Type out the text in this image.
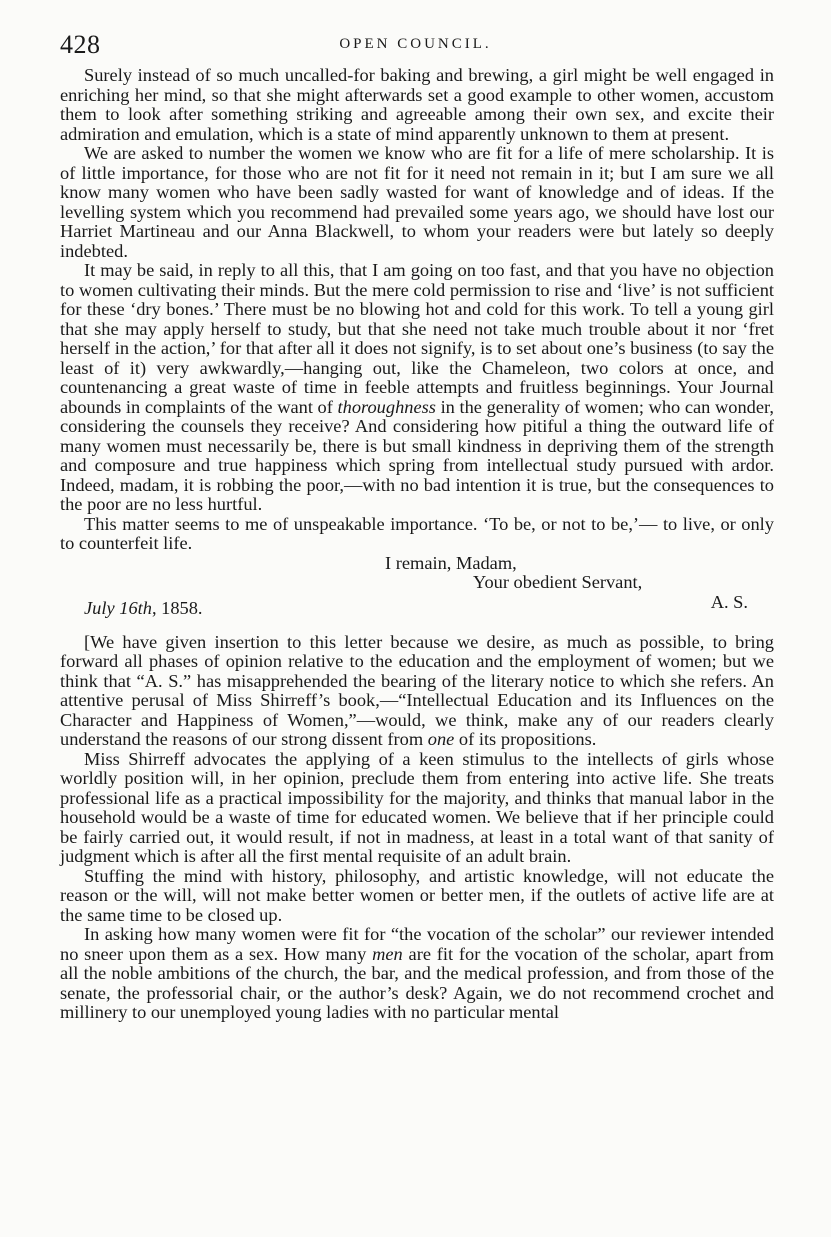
428	OPEN COUNCIL.

Surely instead of so much uncalled-for baking and brewing, a girl might be well engaged in enriching her mind, so that she might afterwards set a good example to other women, accustom them to look after something striking and agreeable among their own sex, and excite their admiration and emulation, which is a state of mind apparently unknown to them at present.

We are asked to number the women we know who are fit for a life of mere scholarship. It is of little importance, for those who are not fit for it need not remain in it; but I am sure we all know many women who have been sadly wasted for want of knowledge and of ideas. If the levelling system which you recommend had prevailed some years ago, we should have lost our Harriet Martineau and our Anna Blackwell, to whom your readers were but lately so deeply indebted.

It may be said, in reply to all this, that I am going on too fast, and that you have no objection to women cultivating their minds. But the mere cold permission to rise and ‘live’ is not sufficient for these ‘dry bones.’ There must be no blowing hot and cold for this work. To tell a young girl that she may apply herself to study, but that she need not take much trouble about it nor ‘fret herself in the action,’ for that after all it does not signify, is to set about one’s business (to say the least of it) very awkwardly,—hanging out, like the Chameleon, two colors at once, and countenancing a great waste of time in feeble attempts and fruitless beginnings. Your Journal abounds in complaints of the want of thoroughness in the generality of women; who can wonder, considering the counsels they receive? And considering how pitiful a thing the outward life of many women must necessarily be, there is but small kindness in depriving them of the strength and composure and true happiness which spring from intellectual study pursued with ardor. Indeed, madam, it is robbing the poor,—with no bad intention it is true, but the consequences to the poor are no less hurtful.

This matter seems to me of unspeakable importance. ‘To be, or not to be,’— to live, or only to counterfeit life.

I remain, Madam,
Your obedient Servant,
July 16th, 1858.	A. S.

[We have given insertion to this letter because we desire, as much as possible, to bring forward all phases of opinion relative to the education and the employment of women; but we think that “A. S.” has misapprehended the bearing of the literary notice to which she refers. An attentive perusal of Miss Shirreff’s book,—“Intellectual Education and its Influences on the Character and Happiness of Women,”—would, we think, make any of our readers clearly understand the reasons of our strong dissent from one of its propositions.

Miss Shirreff advocates the applying of a keen stimulus to the intellects of girls whose worldly position will, in her opinion, preclude them from entering into active life. She treats professional life as a practical impossibility for the majority, and thinks that manual labor in the household would be a waste of time for educated women. We believe that if her principle could be fairly carried out, it would result, if not in madness, at least in a total want of that sanity of judgment which is after all the first mental requisite of an adult brain.

Stuffing the mind with history, philosophy, and artistic knowledge, will not educate the reason or the will, will not make better women or better men, if the outlets of active life are at the same time to be closed up.

In asking how many women were fit for “the vocation of the scholar” our reviewer intended no sneer upon them as a sex. How many men are fit for the vocation of the scholar, apart from all the noble ambitions of the church, the bar, and the medical profession, and from those of the senate, the professorial chair, or the author’s desk? Again, we do not recommend crochet and millinery to our unemployed young ladies with no particular mental
